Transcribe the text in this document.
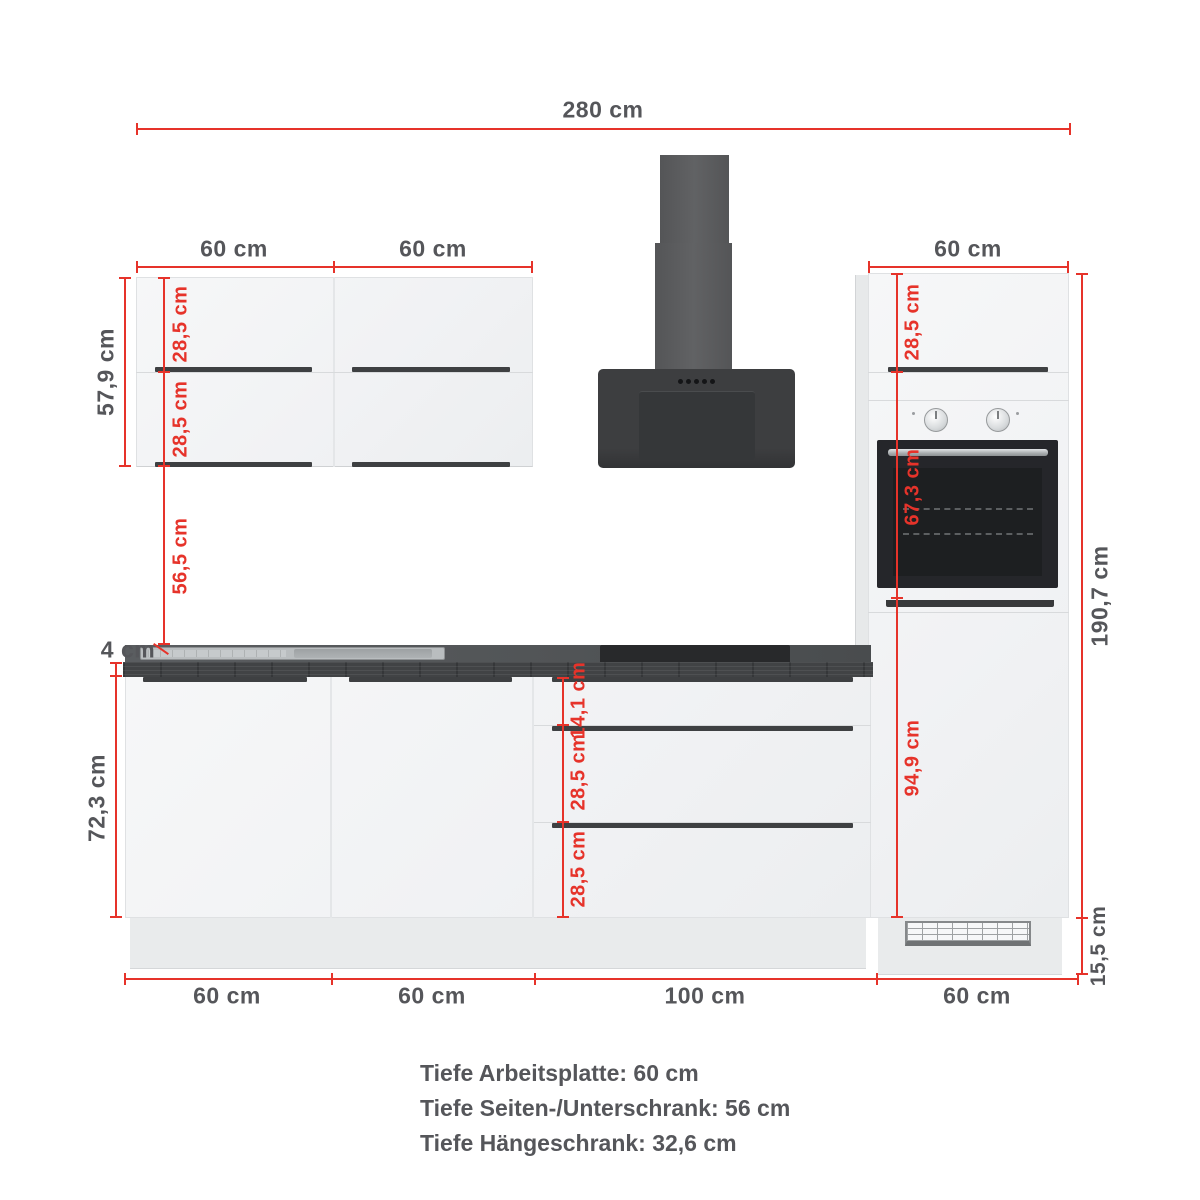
280 cm
60 cm	60 cm
57,9 cm
28,5 cm
28,5 cm
56,5 cm
60 cm
28,5 cm
67,3 cm
94,9 cm
190,7 cm
15,5 cm
14,1 cm
28,5 cm
28,5 cm
4 cm
72,3 cm
60 cm	60 cm	100 cm	60 cm
Tiefe Arbeitsplatte: 60 cm
Tiefe Seiten-/Unterschrank: 56 cm
Tiefe Hängeschrank: 32,6 cm
